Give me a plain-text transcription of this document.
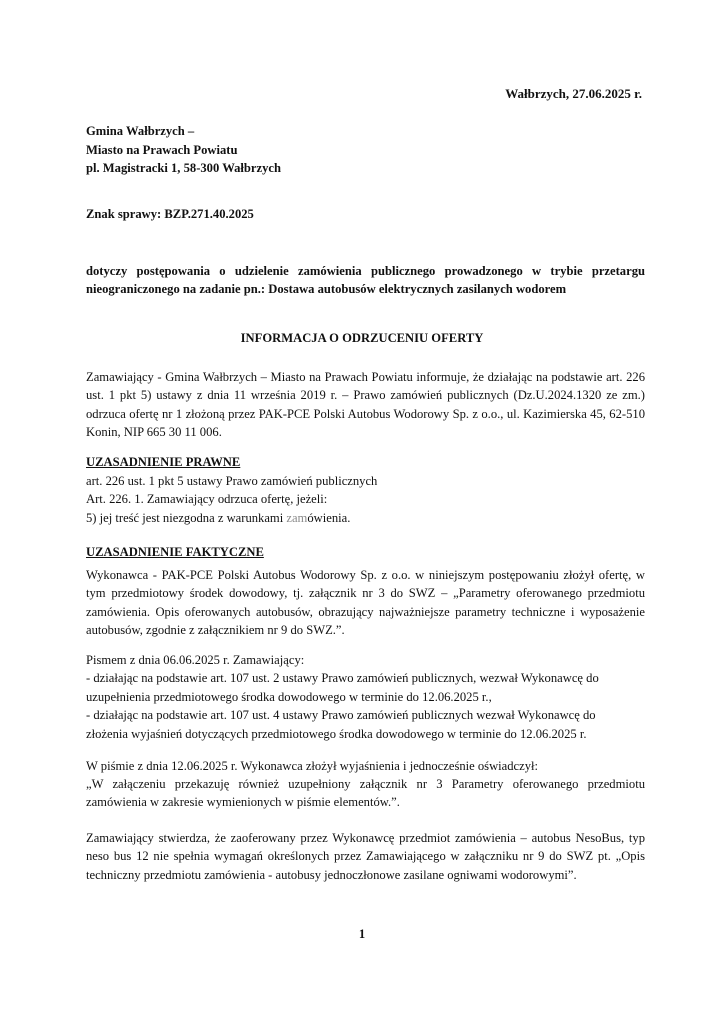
Wałbrzych, 27.06.2025 r.
Gmina Wałbrzych –
Miasto na Prawach Powiatu
pl. Magistracki 1, 58-300 Wałbrzych
Znak sprawy: BZP.271.40.2025

dotyczy postępowania o udzielenie zamówienia publicznego prowadzonego w trybie przetargu nieograniczonego na zadanie pn.: Dostawa autobusów elektrycznych zasilanych wodorem

INFORMACJA O ODRZUCENIU OFERTY

Zamawiający - Gmina Wałbrzych – Miasto na Prawach Powiatu informuje, że działając na podstawie art. 226 ust. 1 pkt 5) ustawy z dnia 11 września 2019 r. – Prawo zamówień publicznych (Dz.U.2024.1320 ze zm.) odrzuca ofertę nr 1 złożoną przez PAK-PCE Polski Autobus Wodorowy Sp. z o.o., ul. Kazimierska 45, 62-510 Konin, NIP 665 30 11 006.

UZASADNIENIE PRAWNE
art. 226 ust. 1 pkt 5 ustawy Prawo zamówień publicznych
Art. 226. 1. Zamawiający odrzuca ofertę, jeżeli:
5) jej treść jest niezgodna z warunkami zamówienia.
UZASADNIENIE FAKTYCZNE

Wykonawca - PAK-PCE Polski Autobus Wodorowy Sp. z o.o. w niniejszym postępowaniu złożył ofertę, w tym przedmiotowy środek dowodowy, tj. załącznik nr 3 do SWZ – „Parametry oferowanego przedmiotu zamówienia. Opis oferowanych autobusów, obrazujący najważniejsze parametry techniczne i wyposażenie autobusów, zgodnie z załącznikiem nr 9 do SWZ.”.

Pismem z dnia 06.06.2025 r. Zamawiający:
- działając na podstawie art. 107 ust. 2 ustawy Prawo zamówień publicznych, wezwał Wykonawcę do
uzupełnienia przedmiotowego środka dowodowego w terminie do 12.06.2025 r.,
- działając na podstawie art. 107 ust. 4 ustawy Prawo zamówień publicznych wezwał Wykonawcę do
złożenia wyjaśnień dotyczących przedmiotowego środka dowodowego w terminie do 12.06.2025 r.
W piśmie z dnia 12.06.2025 r. Wykonawca złożył wyjaśnienia i jednocześnie oświadczył:

„W załączeniu przekazuję również uzupełniony załącznik nr 3 Parametry oferowanego przedmiotu zamówienia w zakresie wymienionych w piśmie elementów.”.

Zamawiający stwierdza, że zaoferowany przez Wykonawcę przedmiot zamówienia – autobus NesoBus, typ neso bus 12 nie spełnia wymagań określonych przez Zamawiającego w załączniku nr 9 do SWZ pt. „Opis techniczny przedmiotu zamówienia - autobusy jednoczłonowe zasilane ogniwami wodorowymi”.

1
